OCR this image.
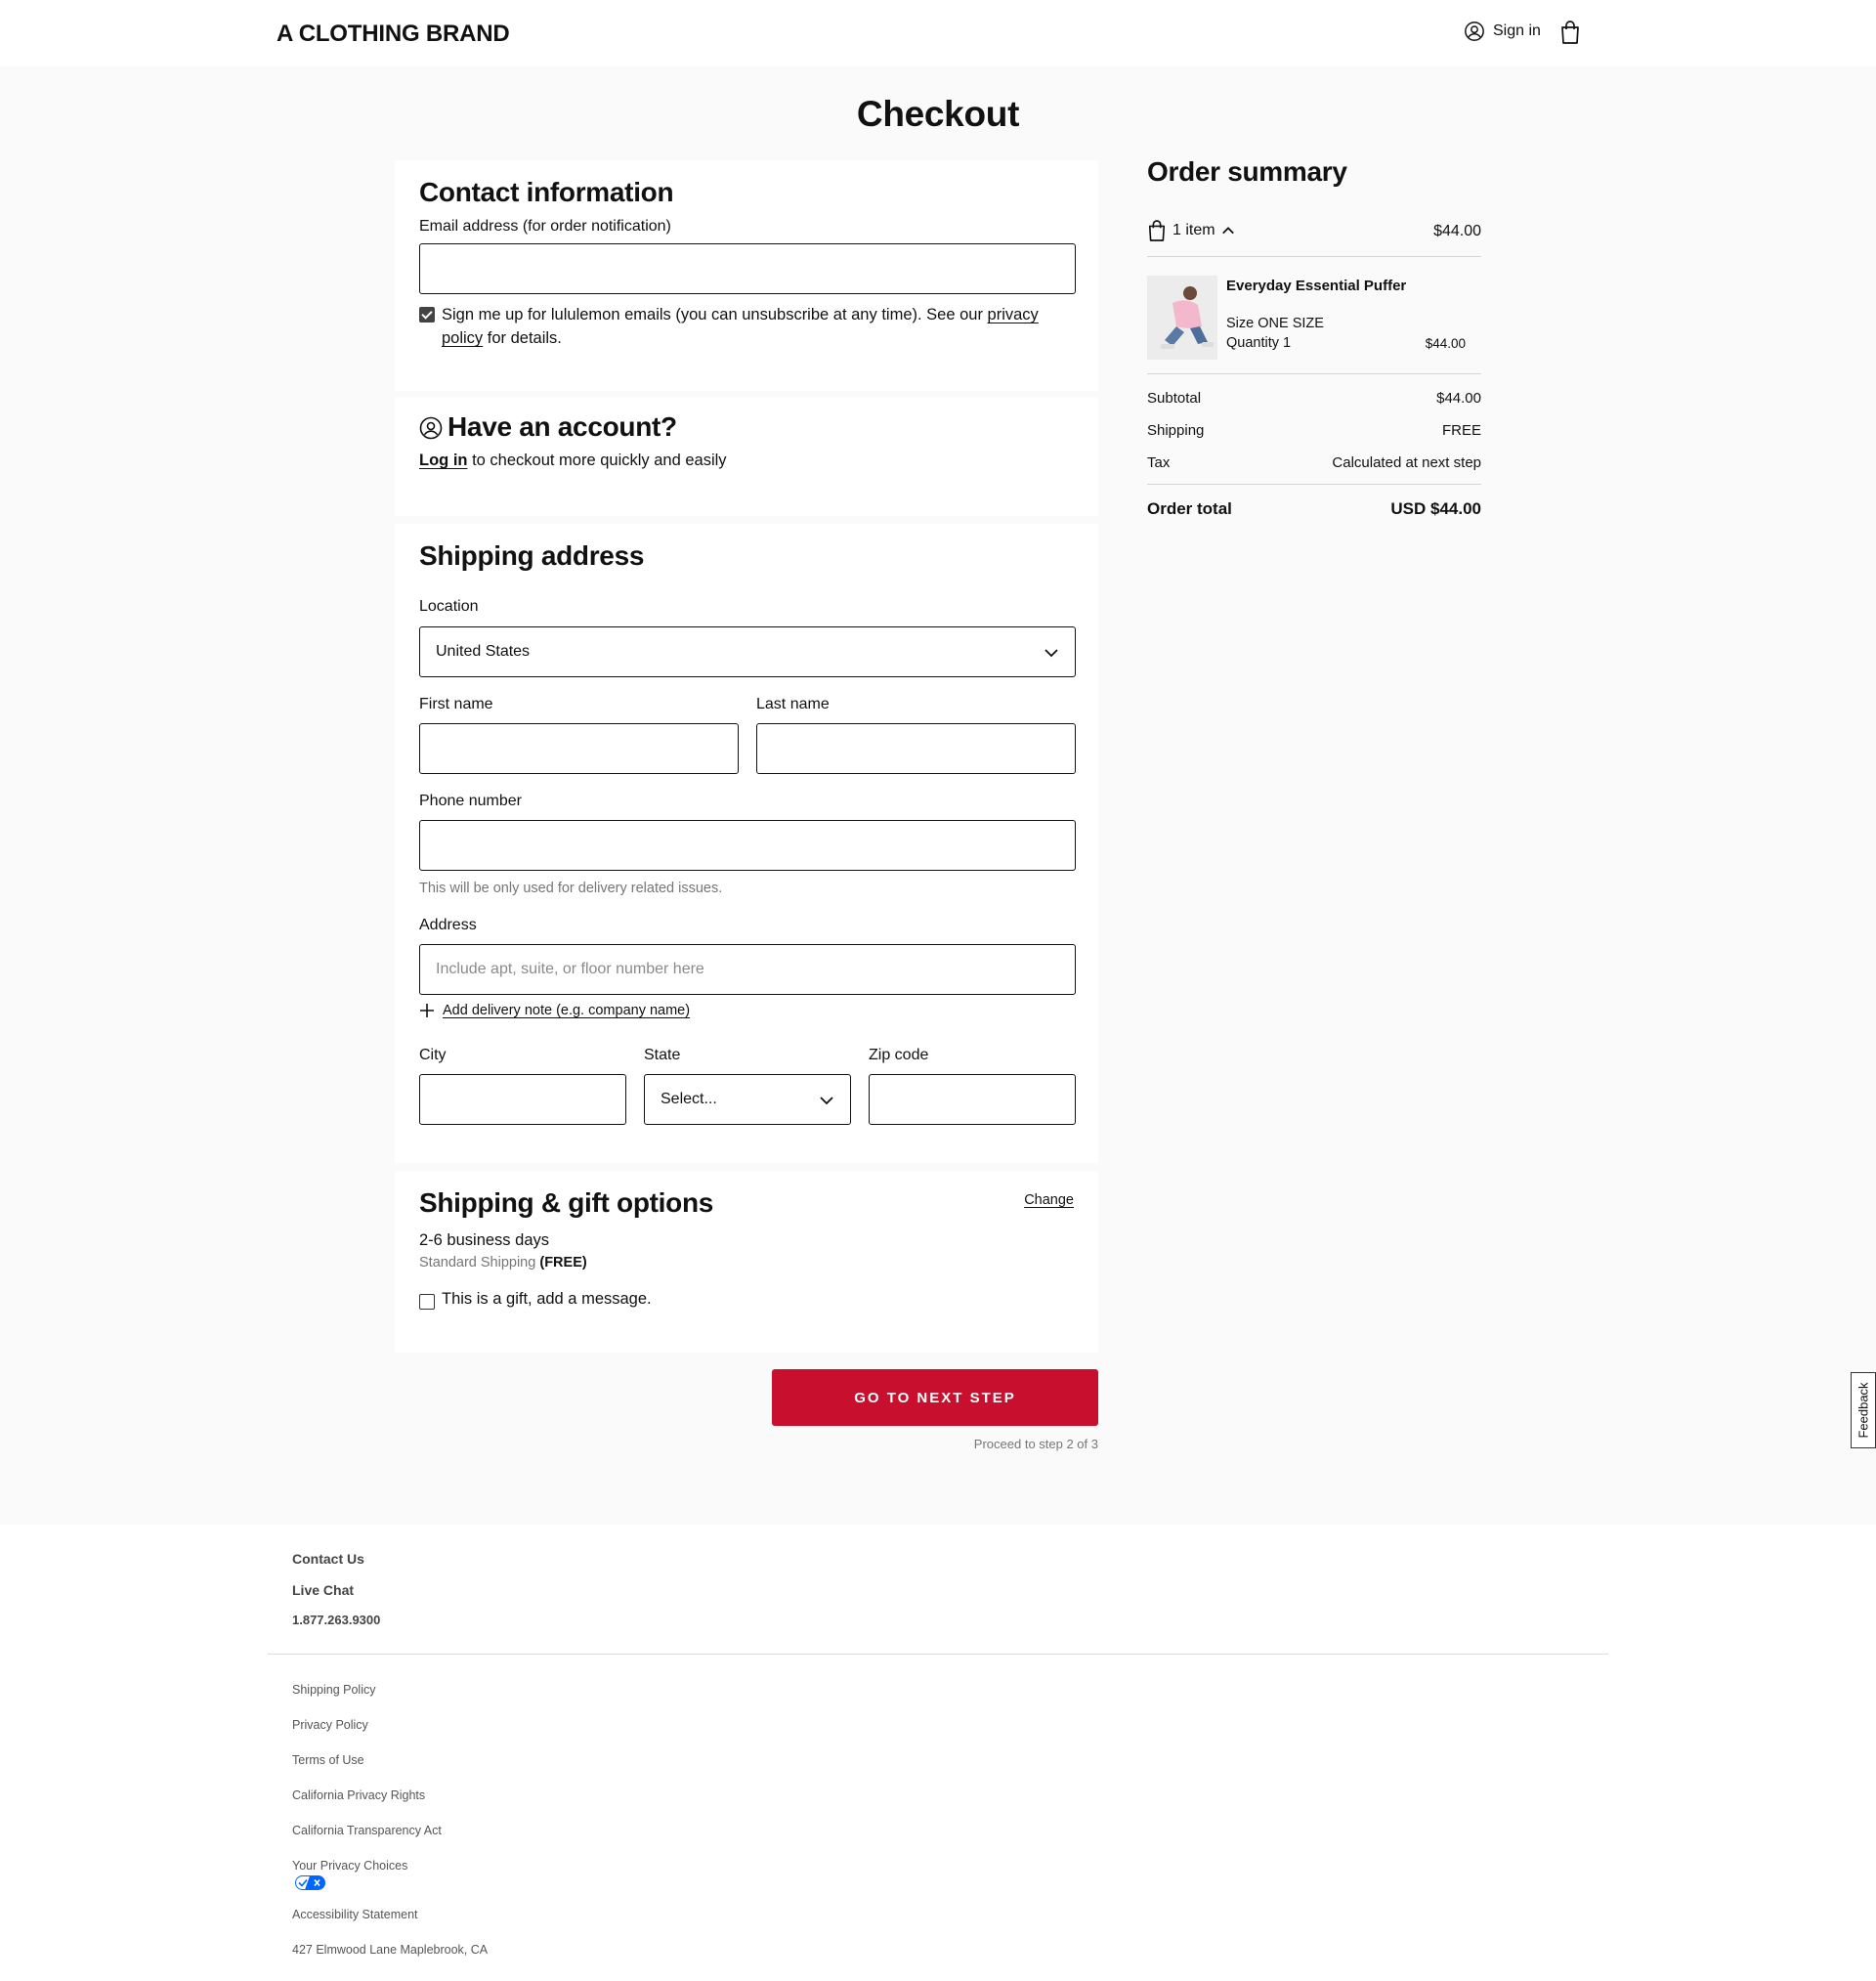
A CLOTHING BRAND	Sign in
Checkout
Contact information
Email address (for order notification)
Sign me up for lululemon emails (you can unsubscribe at any time). See our privacy
policy for details.
Have an account?
Log in to checkout more quickly and easily
Shipping address
Location
United States
First name	Last name
Phone number
This will be only used for delivery related issues.
Address
Include apt, suite, or floor number here
Add delivery note (e.g. company name)
City	State
Select...
Zip code
Shipping & gift options	Change
2-6 business days
Standard Shipping (FREE)
This is a gift, add a message.
GO TO NEXT STEP
Proceed to step 2 of 3
Order summary
1 item	$44.00
Everyday Essential Puffer
Size ONE SIZE
Quantity 1	$44.00
Subtotal	$44.00
Shipping	FREE
Tax	Calculated at next step
Order total	USD $44.00
Feedback
Contact Us
Live Chat
1.877.263.9300
Shipping Policy
Privacy Policy
Terms of Use
California Privacy Rights
California Transparency Act
Your Privacy Choices
Accessibility Statement
427 Elmwood Lane Maplebrook, CA
